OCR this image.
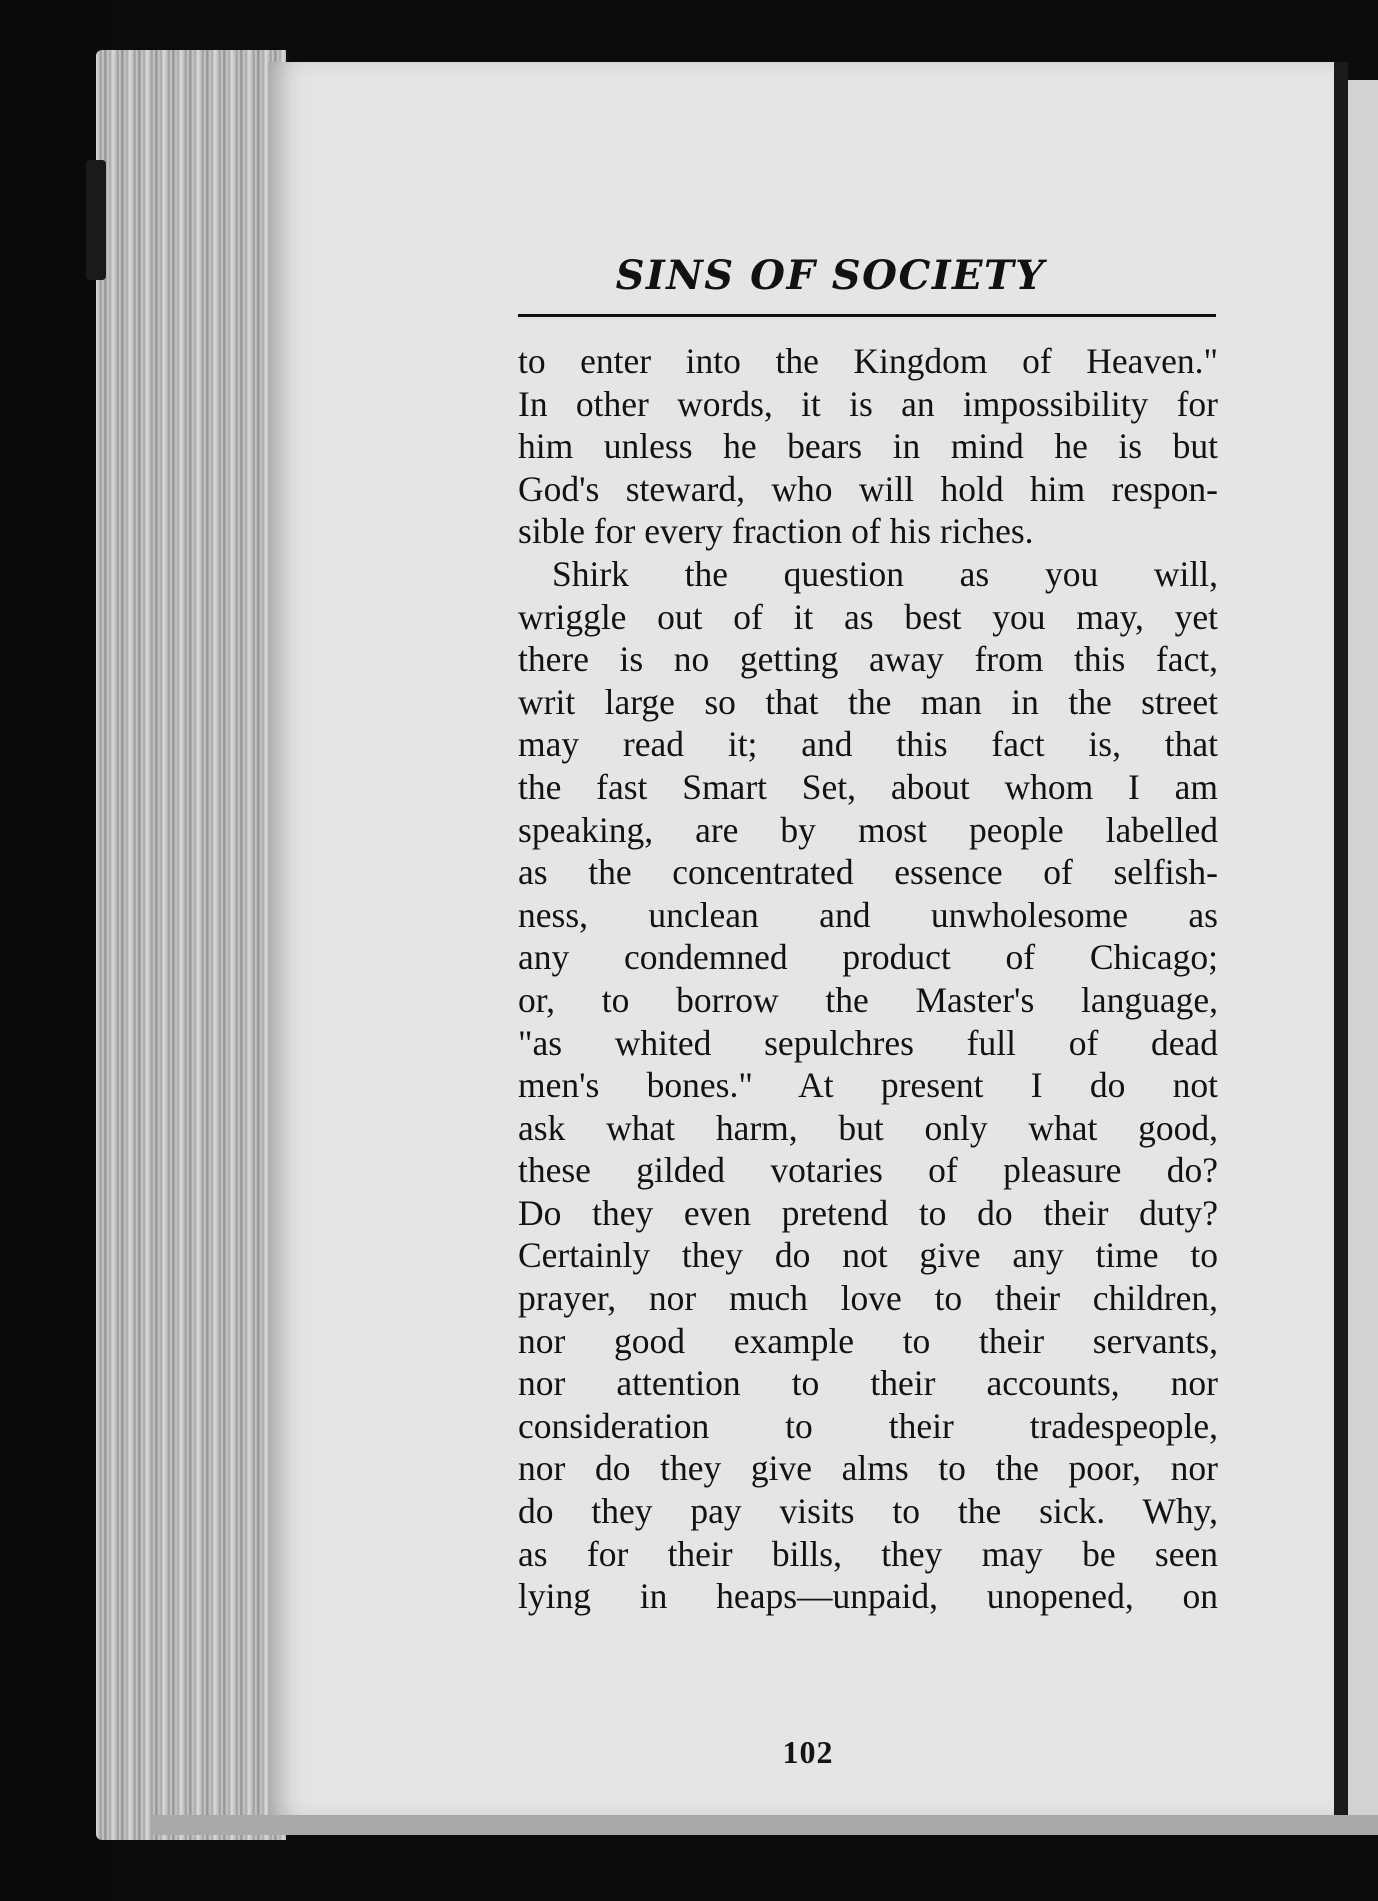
SINS OF SOCIETY
to enter into the Kingdom of Heaven."
In other words, it is an impossibility for
him unless he bears in mind he is but
God's steward, who will hold him respon-
sible for every fraction of his riches.
Shirk the question as you will,
wriggle out of it as best you may, yet
there is no getting away from this fact,
writ large so that the man in the street
may read it; and this fact is, that
the fast Smart Set, about whom I am
speaking, are by most people labelled
as the concentrated essence of selfish-
ness, unclean and unwholesome as
any condemned product of Chicago;
or, to borrow the Master's language,
"as whited sepulchres full of dead
men's bones." At present I do not
ask what harm, but only what good,
these gilded votaries of pleasure do?
Do they even pretend to do their duty?
Certainly they do not give any time to
prayer, nor much love to their children,
nor good example to their servants,
nor attention to their accounts, nor
consideration to their tradespeople,
nor do they give alms to the poor, nor
do they pay visits to the sick. Why,
as for their bills, they may be seen
lying in heaps—unpaid, unopened, on
102
